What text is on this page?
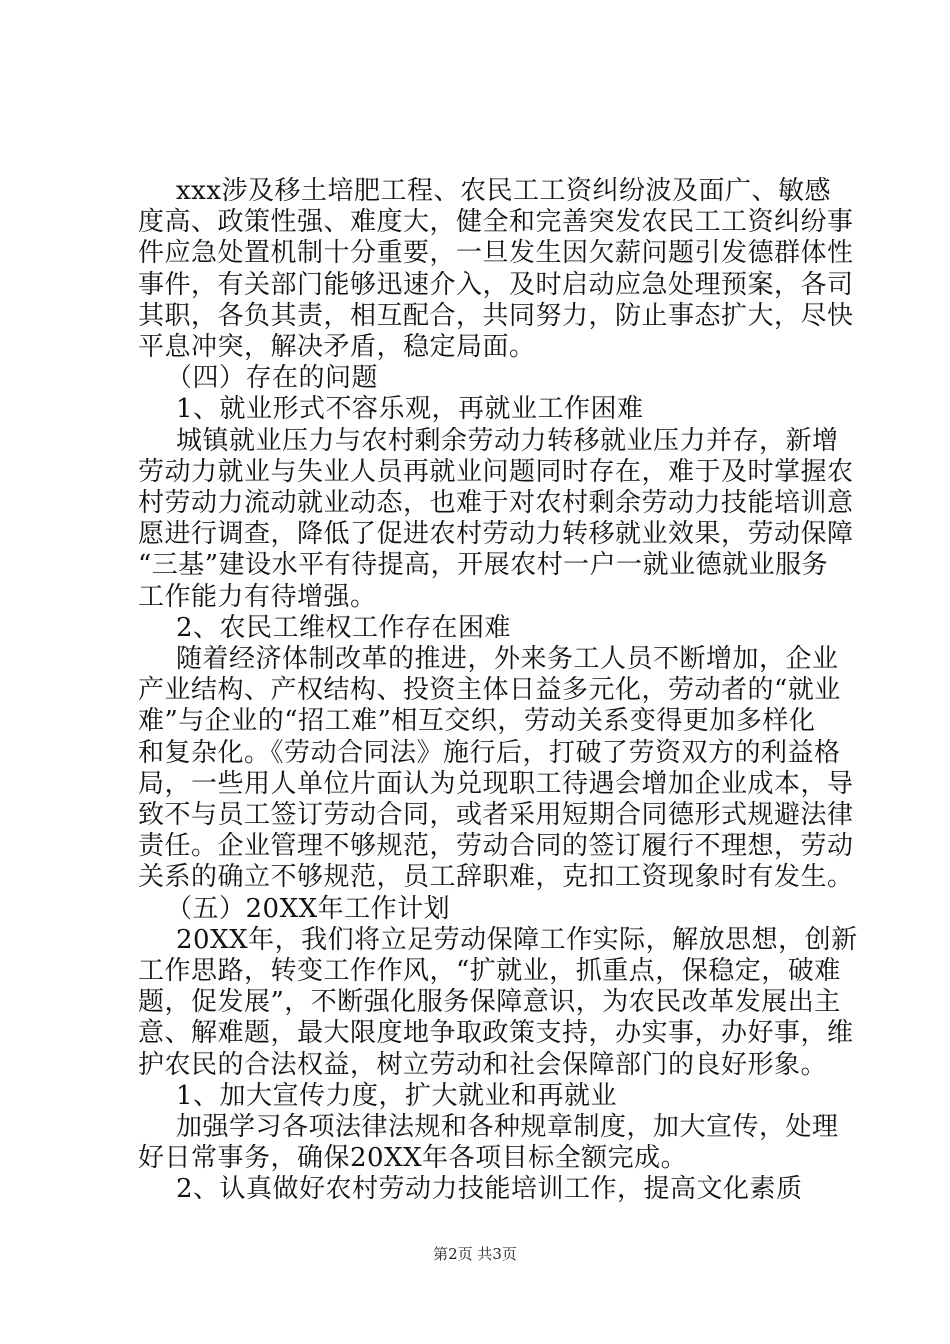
xxx涉及移土培肥工程、农民工工资纠纷波及面广、敏感
度高、政策性强、难度大，健全和完善突发农民工工资纠纷事
件应急处置机制十分重要，一旦发生因欠薪问题引发德群体性
事件，有关部门能够迅速介入，及时启动应急处理预案，各司
其职，各负其责，相互配合，共同努力，防止事态扩大，尽快
平息冲突，解决矛盾，稳定局面。
（四）存在的问题
1、就业形式不容乐观，再就业工作困难
城镇就业压力与农村剩余劳动力转移就业压力并存，新增
劳动力就业与失业人员再就业问题同时存在，难于及时掌握农
村劳动力流动就业动态，也难于对农村剩余劳动力技能培训意
愿进行调查，降低了促进农村劳动力转移就业效果，劳动保障
“三基”建设水平有待提高，开展农村一户一就业德就业服务
工作能力有待增强。
2、农民工维权工作存在困难
随着经济体制改革的推进，外来务工人员不断增加，企业
产业结构、产权结构、投资主体日益多元化，劳动者的“就业
难”与企业的“招工难”相互交织，劳动关系变得更加多样化
和复杂化。《劳动合同法》施行后，打破了劳资双方的利益格
局，一些用人单位片面认为兑现职工待遇会增加企业成本，导
致不与员工签订劳动合同，或者采用短期合同德形式规避法律
责任。企业管理不够规范，劳动合同的签订履行不理想，劳动
关系的确立不够规范，员工辞职难，克扣工资现象时有发生。
（五）20XX年工作计划
20XX年，我们将立足劳动保障工作实际，解放思想，创新
工作思路，转变工作作风，“扩就业，抓重点，保稳定，破难
题，促发展”，不断强化服务保障意识，为农民改革发展出主
意、解难题，最大限度地争取政策支持，办实事，办好事，维
护农民的合法权益，树立劳动和社会保障部门的良好形象。
1、加大宣传力度，扩大就业和再就业
加强学习各项法律法规和各种规章制度，加大宣传，处理
好日常事务，确保20XX年各项目标全额完成。
2、认真做好农村劳动力技能培训工作，提高文化素质
第2页 共3页
